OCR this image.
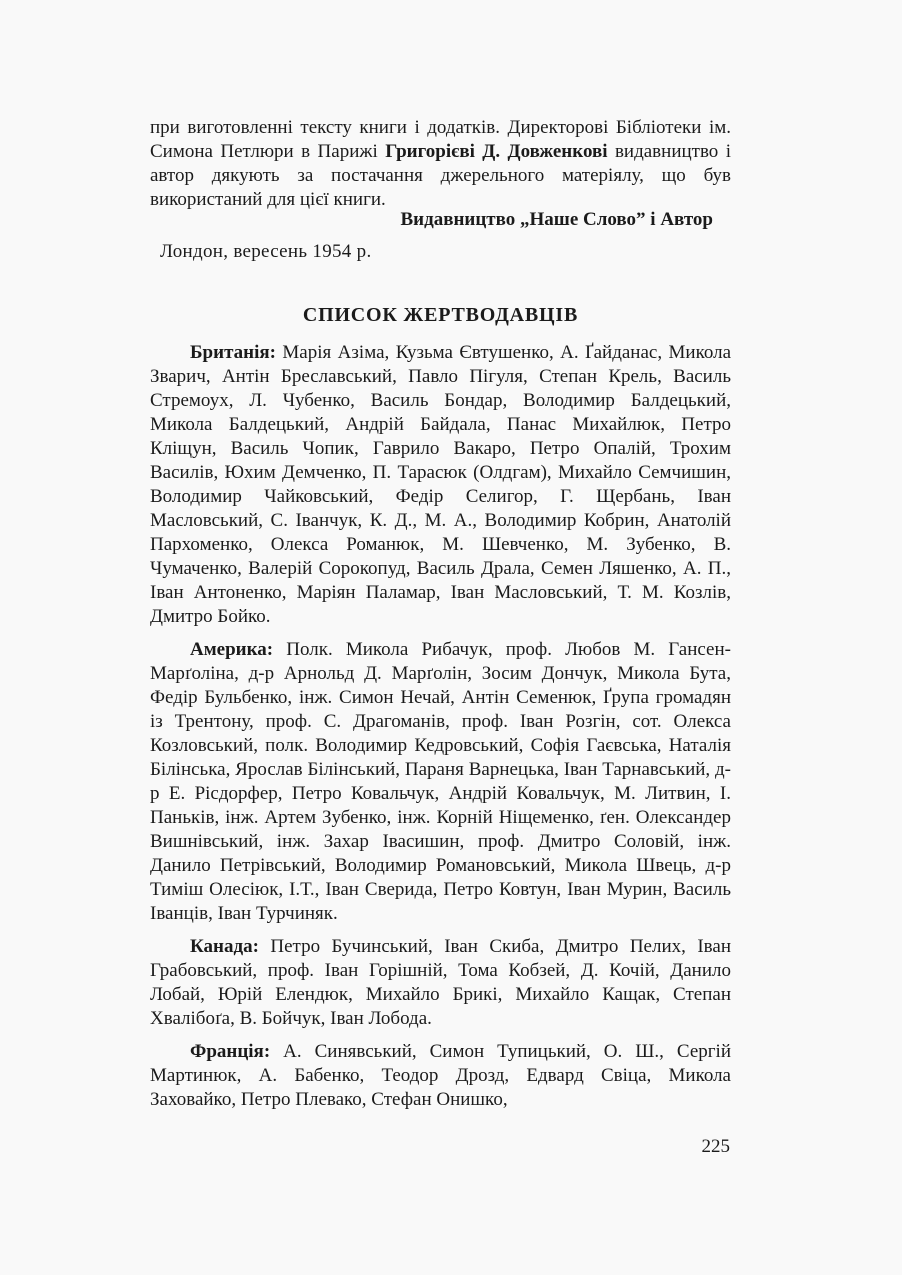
при виготовленні тексту книги і додатків. Директорові Бібліотеки ім. Симона Петлюри в Парижі Григорієві Д. Довженкові видавництво і автор дякують за постачання джерельного матеріялу, що був використаний для цієї книги.

Видавництво „Наше Слово” і Автор
Лондон, вересень 1954 р.
СПИСОК ЖЕРТВОДАВЦІВ

Британія: Марія Азіма, Кузьма Євтушенко, А. Ґайданас, Микола Зварич, Антін Бреславський, Павло Пігуля, Степан Крель, Василь Стремоух, Л. Чубенко, Василь Бондар, Володимир Балдецький, Микола Балдецький, Андрій Байдала, Панас Михайлюк, Петро Кліщун, Василь Чопик, Гаврило Вакаро, Петро Опалій, Трохим Василів, Юхим Демченко, П. Тарасюк (Олдгам), Михайло Семчишин, Володимир Чайковський, Федір Селигор, Г. Щербань, Іван Масловський, С. Іванчук, К. Д., М. А., Володимир Кобрин, Анатолій Пархоменко, Олекса Романюк, М. Шевченко, М. Зубенко, В. Чумаченко, Валерій Сорокопуд, Василь Драла, Семен Ляшенко, А. П., Іван Антоненко, Маріян Паламар, Іван Масловський, Т. М. Козлів, Дмитро Бойко.

Америка: Полк. Микола Рибачук, проф. Любов М. Гансен-Марґоліна, д-р Арнольд Д. Марґолін, Зосим Дончук, Микола Бута, Федір Бульбенко, інж. Симон Нечай, Антін Семенюк, Ґрупа громадян із Трентону, проф. С. Драгоманів, проф. Іван Розгін, сот. Олекса Козловський, полк. Володимир Кедровський, Софія Гаєвська, Наталія Білінська, Ярослав Білінський, Параня Варнецька, Іван Тарнавський, д-р Е. Рісдорфер, Петро Ковальчук, Андрій Ковальчук, М. Литвин, І. Паньків, інж. Артем Зубенко, інж. Корній Ніщеменко, ґен. Олександер Вишнівський, інж. Захар Івасишин, проф. Дмитро Соловій, інж. Данило Петрівський, Володимир Романовський, Микола Швець, д-р Тиміш Олесіюк, І.Т., Іван Сверида, Петро Ковтун, Іван Мурин, Василь Іванців, Іван Турчиняк.

Канада: Петро Бучинський, Іван Скиба, Дмитро Пелих, Іван Грабовський, проф. Іван Горішній, Тома Кобзей, Д. Кочій, Данило Лобай, Юрій Елендюк, Михайло Брикі, Михайло Кащак, Степан Хвалібоґа, В. Бойчук, Іван Лобода.

Франція: А. Синявський, Симон Тупицький, О. Ш., Сергій Мартинюк, А. Бабенко, Теодор Дрозд, Едвард Свіца, Микола Заховайко, Петро Плевако, Стефан Онишко,

225
